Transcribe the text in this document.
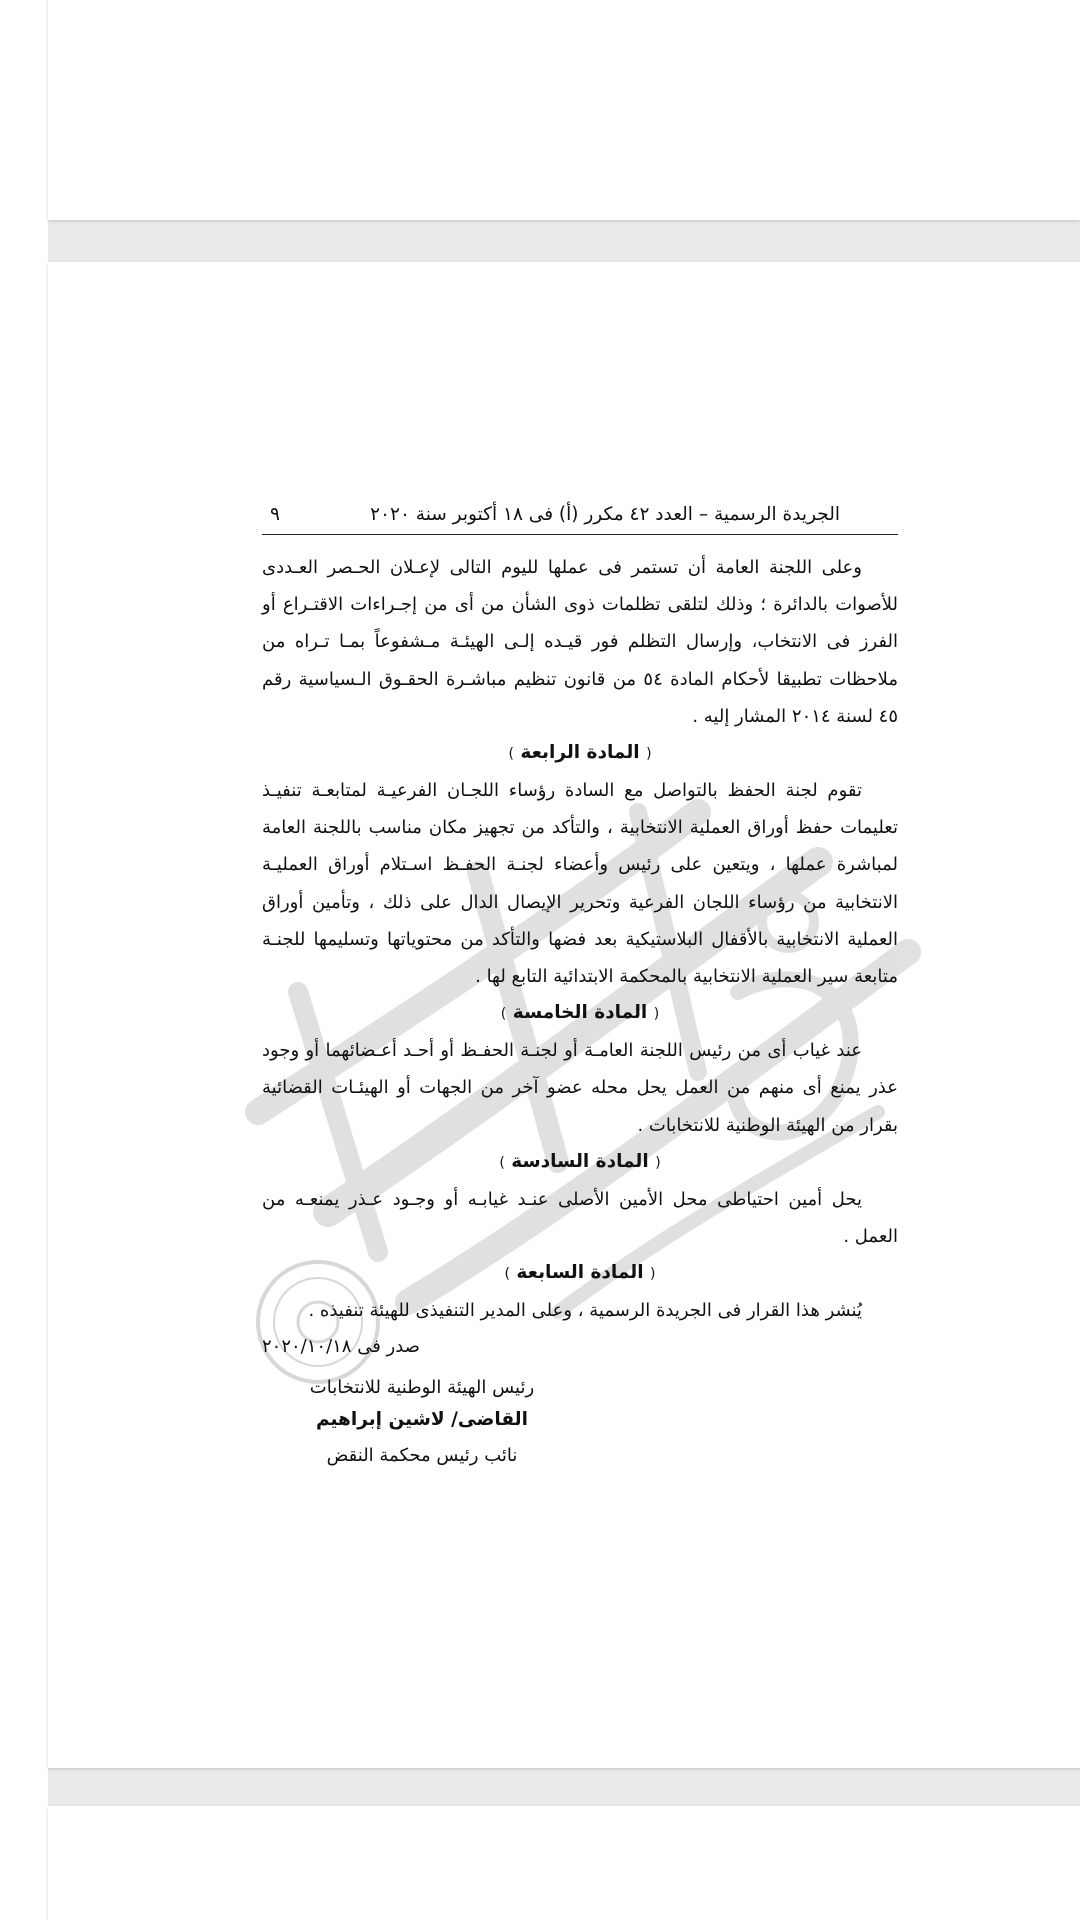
الجريدة الرسمية – العدد ٤٢ مكرر (أ) فى ١٨ أكتوبر سنة ٢٠٢٠
٩

وعلى اللجنة العامة أن تستمر فى عملها لليوم التالى لإعـلان الحـصر العـددى للأصوات بالدائرة ؛ وذلك لتلقى تظلمات ذوى الشأن من أى من إجـراءات الاقتـراع أو الفرز فى الانتخاب، وإرسال التظلم فور قيـده إلـى الهيئـة مـشفوعاً بمـا تـراه من ملاحظات تطبيقا لأحكام المادة ٥٤ من قانون تنظيم مباشـرة الحقـوق الـسياسية رقم ٤٥ لسنة ٢٠١٤ المشار إليه .

( المادة الرابعة )

تقوم لجنة الحفظ بالتواصل مع السادة رؤساء اللجـان الفرعيـة لمتابعـة تنفيـذ تعليمات حفظ أوراق العملية الانتخابية ، والتأكد من تجهيز مكان مناسب باللجنة العامة لمباشرة عملها ، ويتعين على رئيس وأعضاء لجنـة الحفـظ اسـتلام أوراق العمليـة الانتخابية من رؤساء اللجان الفرعية وتحرير الإيصال الدال على ذلك ، وتأمين أوراق العملية الانتخابية بالأقفال البلاستيكية بعد فضها والتأكد من محتوياتها وتسليمها للجنـة متابعة سير العملية الانتخابية بالمحكمة الابتدائية التابع لها .

( المادة الخامسة )

عند غياب أى من رئيس اللجنة العامـة أو لجنـة الحفـظ أو أحـد أعـضائهما أو وجود عذر يمنع أى منهم من العمل يحل محله عضو آخر من الجهات أو الهيئـات القضائية بقرار من الهيئة الوطنية للانتخابات .

( المادة السادسة )

يحل أمين احتياطى محل الأمين الأصلى عنـد غيابـه أو وجـود عـذر يمنعـه من العمل .

( المادة السابعة )

يُنشر هذا القرار فى الجريدة الرسمية ، وعلى المدير التنفيذى للهيئة تنفيذه .

صدر فى ٢٠٢٠/١٠/١٨

رئيس الهيئة الوطنية للانتخابات
القاضى/ لاشين إبراهيم
نائب رئيس محكمة النقض
